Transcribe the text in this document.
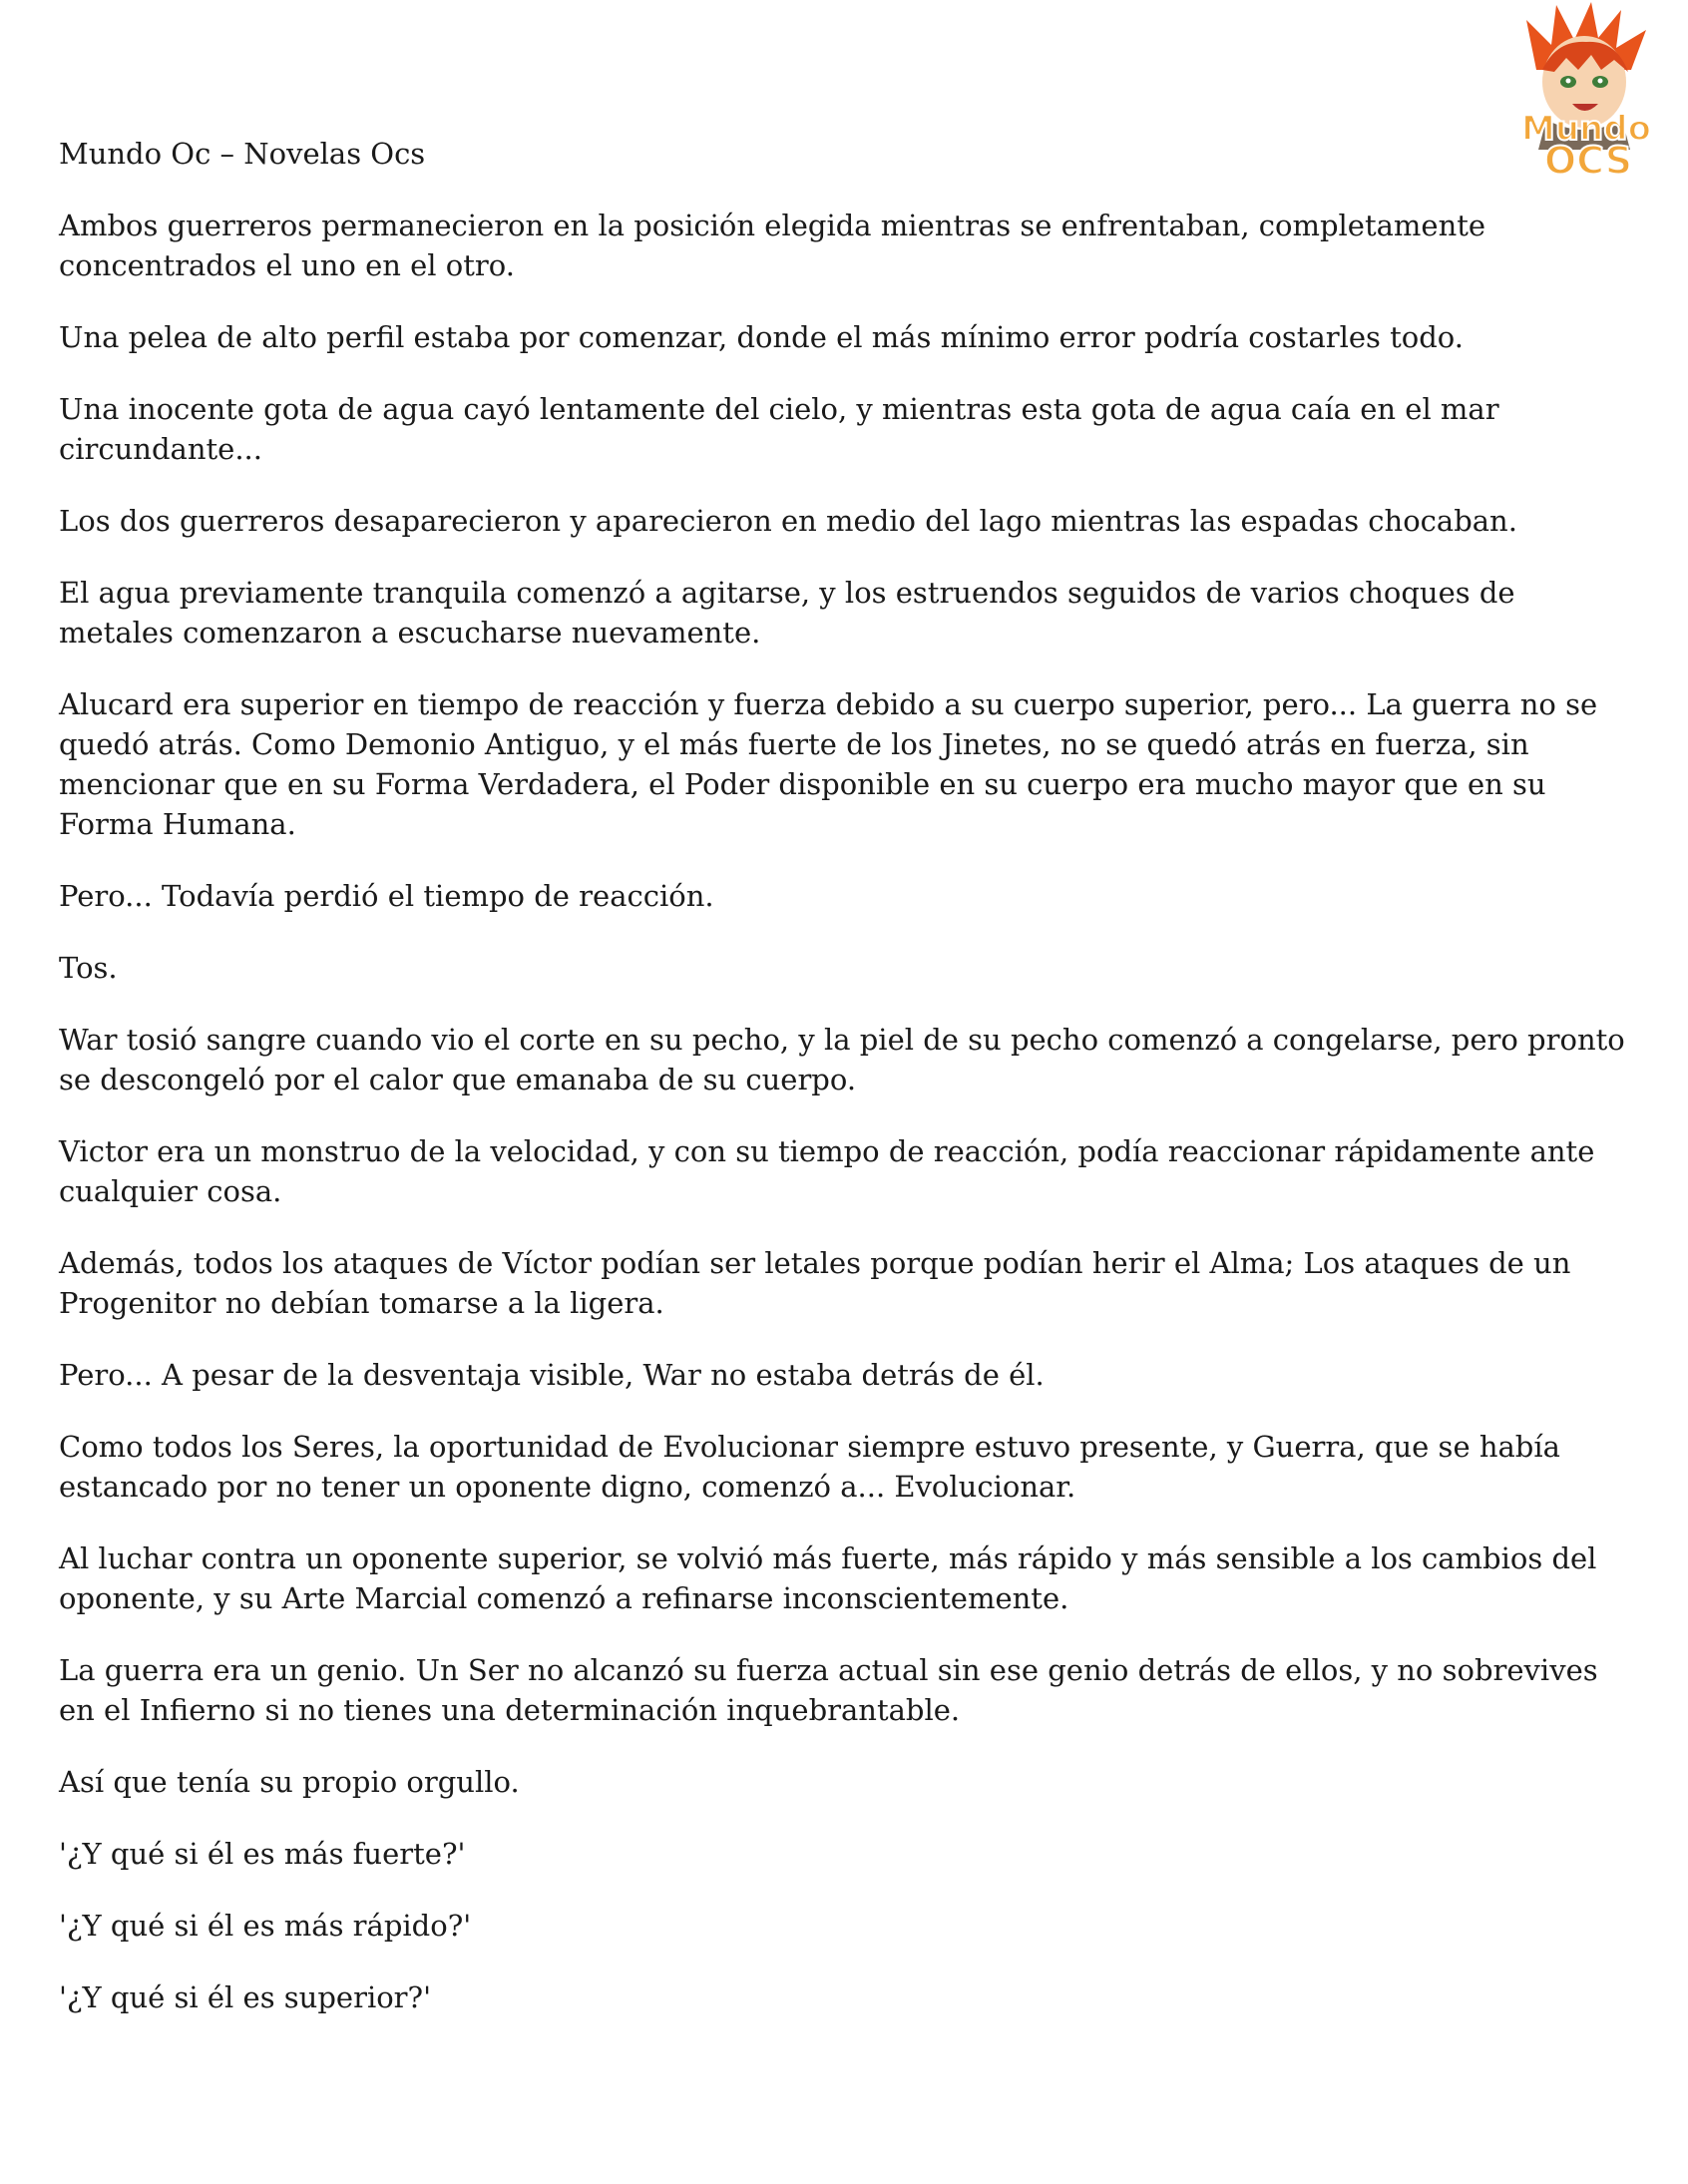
Mundo Oc – Novelas Ocs
Mundo
OCS

Ambos guerreros permanecieron en la posición elegida mientras se enfrentaban, completamente concentrados el uno en el otro.

Una pelea de alto perfil estaba por comenzar, donde el más mínimo error podría costarles todo.

Una inocente gota de agua cayó lentamente del cielo, y mientras esta gota de agua caía en el mar circundante...

Los dos guerreros desaparecieron y aparecieron en medio del lago mientras las espadas chocaban.

El agua previamente tranquila comenzó a agitarse, y los estruendos seguidos de varios choques de metales comenzaron a escucharse nuevamente.

Alucard era superior en tiempo de reacción y fuerza debido a su cuerpo superior, pero... La guerra no se quedó atrás. Como Demonio Antiguo, y el más fuerte de los Jinetes, no se quedó atrás en fuerza, sin mencionar que en su Forma Verdadera, el Poder disponible en su cuerpo era mucho mayor que en su Forma Humana.

Pero... Todavía perdió el tiempo de reacción.

Tos.

War tosió sangre cuando vio el corte en su pecho, y la piel de su pecho comenzó a congelarse, pero pronto se descongeló por el calor que emanaba de su cuerpo.

Victor era un monstruo de la velocidad, y con su tiempo de reacción, podía reaccionar rápidamente ante cualquier cosa.

Además, todos los ataques de Víctor podían ser letales porque podían herir el Alma; Los ataques de un Progenitor no debían tomarse a la ligera.

Pero... A pesar de la desventaja visible, War no estaba detrás de él.

Como todos los Seres, la oportunidad de Evolucionar siempre estuvo presente, y Guerra, que se había estancado por no tener un oponente digno, comenzó a... Evolucionar.

Al luchar contra un oponente superior, se volvió más fuerte, más rápido y más sensible a los cambios del oponente, y su Arte Marcial comenzó a refinarse inconscientemente.

La guerra era un genio. Un Ser no alcanzó su fuerza actual sin ese genio detrás de ellos, y no sobrevives en el Infierno si no tienes una determinación inquebrantable.

Así que tenía su propio orgullo.

'¿Y qué si él es más fuerte?'

'¿Y qué si él es más rápido?'

'¿Y qué si él es superior?'
